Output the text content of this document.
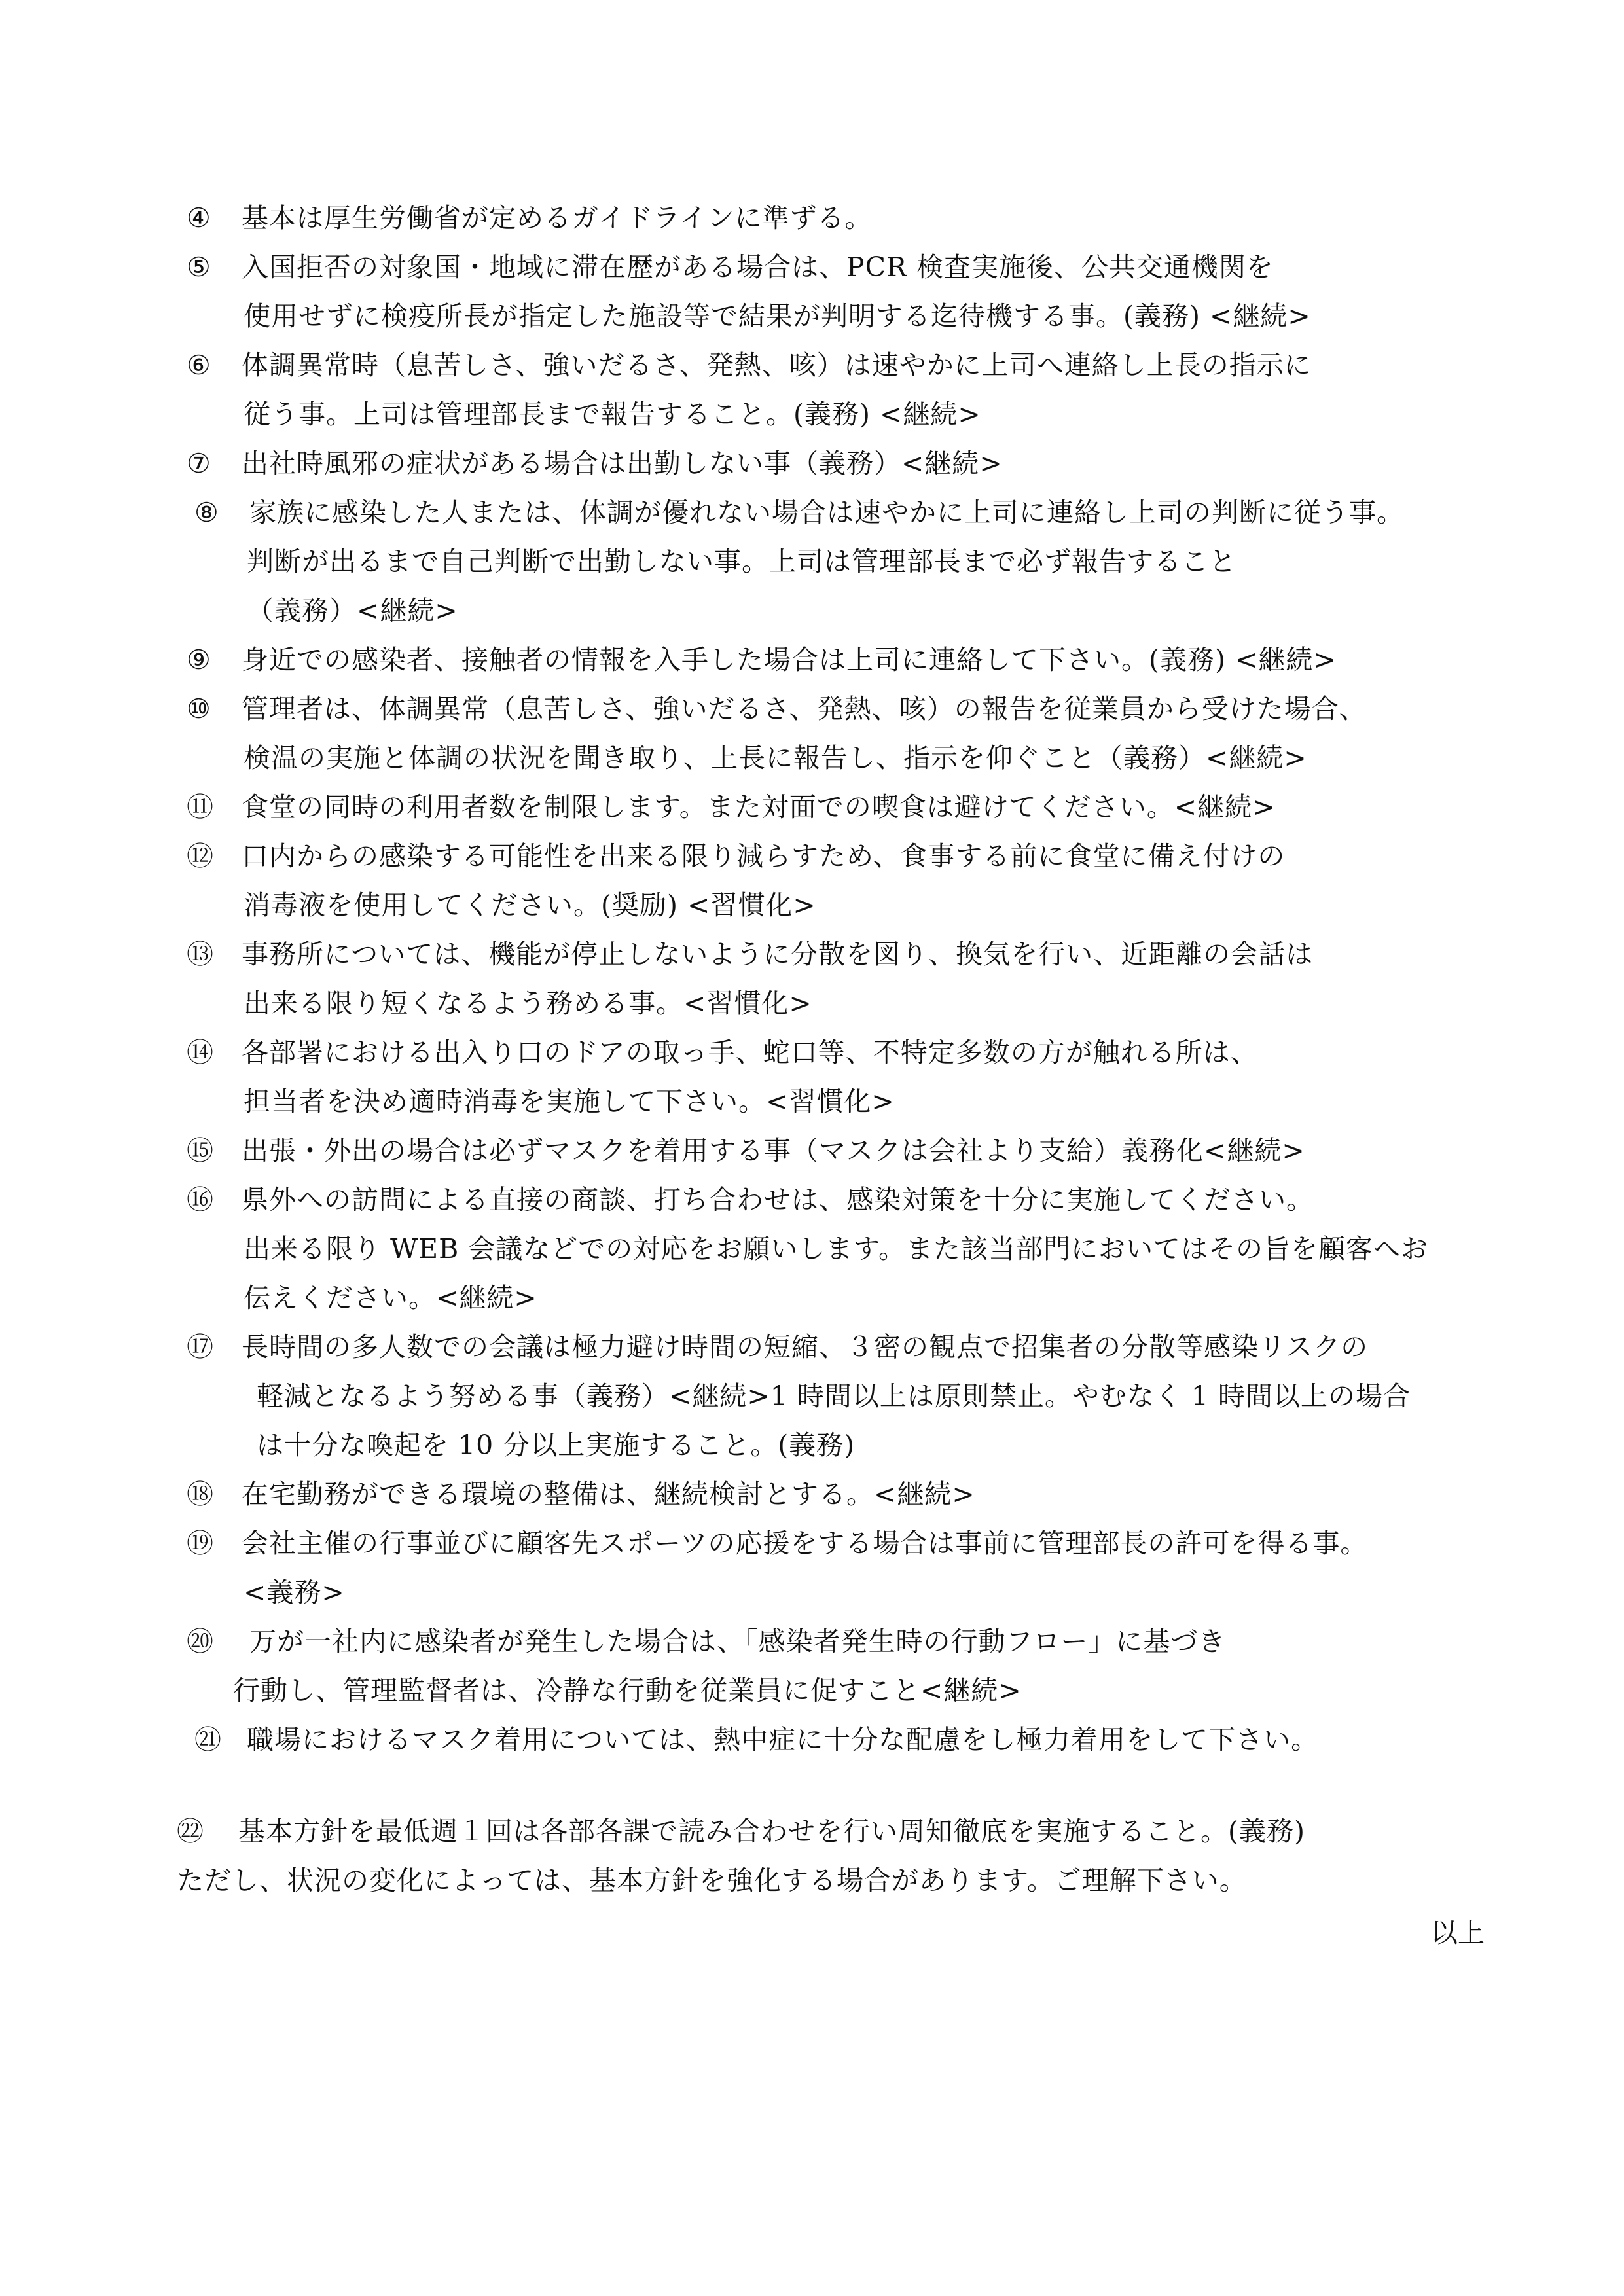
④ 基本は厚生労働省が定めるガイドラインに準ずる。
⑤ 入国拒否の対象国・地域に滞在歴がある場合は、PCR 検査実施後、公共交通機関を
使用せずに検疫所長が指定した施設等で結果が判明する迄待機する事。(義務) <継続>
⑥ 体調異常時（息苦しさ、強いだるさ、発熱、咳）は速やかに上司へ連絡し上長の指示に
従う事。上司は管理部長まで報告すること。(義務) <継続>
⑦ 出社時風邪の症状がある場合は出勤しない事（義務）<継続>
⑧ 家族に感染した人または、体調が優れない場合は速やかに上司に連絡し上司の判断に従う事。
判断が出るまで自己判断で出勤しない事。上司は管理部長まで必ず報告すること
（義務）<継続>
⑨ 身近での感染者、接触者の情報を入手した場合は上司に連絡して下さい。(義務) <継続>
⑩ 管理者は、体調異常（息苦しさ、強いだるさ、発熱、咳）の報告を従業員から受けた場合、
検温の実施と体調の状況を聞き取り、上長に報告し、指示を仰ぐこと（義務）<継続>
⑪ 食堂の同時の利用者数を制限します。また対面での喫食は避けてください。<継続>
⑫ 口内からの感染する可能性を出来る限り減らすため、食事する前に食堂に備え付けの
消毒液を使用してください。(奨励) <習慣化>
⑬ 事務所については、機能が停止しないように分散を図り、換気を行い、近距離の会話は
出来る限り短くなるよう務める事。<習慣化>
⑭ 各部署における出入り口のドアの取っ手、蛇口等、不特定多数の方が触れる所は、
担当者を決め適時消毒を実施して下さい。<習慣化>
⑮ 出張・外出の場合は必ずマスクを着用する事（マスクは会社より支給）義務化<継続>
⑯ 県外への訪問による直接の商談、打ち合わせは、感染対策を十分に実施してください。
出来る限り WEB 会議などでの対応をお願いします。また該当部門においてはその旨を顧客へお
伝えください。<継続>
⑰ 長時間の多人数での会議は極力避け時間の短縮、３密の観点で招集者の分散等感染リスクの
軽減となるよう努める事（義務）<継続>1 時間以上は原則禁止。やむなく 1 時間以上の場合
は十分な喚起を 10 分以上実施すること。(義務)
⑱ 在宅勤務ができる環境の整備は、継続検討とする。<継続>
⑲ 会社主催の行事並びに顧客先スポーツの応援をする場合は事前に管理部長の許可を得る事。
<義務>
⑳ 万が一社内に感染者が発生した場合は、「感染者発生時の行動フロー」に基づき
行動し、管理監督者は、冷静な行動を従業員に促すこと<継続>
㉑ 職場におけるマスク着用については、熱中症に十分な配慮をし極力着用をして下さい。
㉒ 基本方針を最低週１回は各部各課で読み合わせを行い周知徹底を実施すること。(義務)
ただし、状況の変化によっては、基本方針を強化する場合があります。ご理解下さい。
以上
